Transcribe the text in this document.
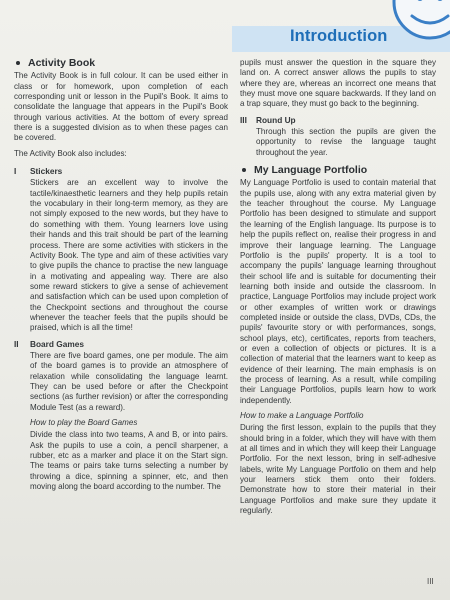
Introduction
Activity Book

The Activity Book is in full colour. It can be used either in class or for homework, upon completion of each corresponding unit or lesson in the Pupil's Book. It aims to consolidate the language that appears in the Pupil's Book through various activities. At the bottom of every spread there is a suggested division as to when these pages can be covered.

The Activity Book also includes:

I	Stickers

Stickers are an excellent way to involve the tactile/kinaesthetic learners and they help pupils retain the vocabulary in their long-term memory, as they are not simply exposed to the new words, but they have to do something with them. Young learners love using their hands and this trait should be part of the learning process. There are some activities with stickers in the Activity Book. The type and aim of these activities vary to give pupils the chance to practise the new language in a motivating and appealing way. There are also some reward stickers to give a sense of achievement and satisfaction which can be used upon completion of the Checkpoint sections and throughout the course whenever the teacher feels that the pupils should be praised, which is all the time!

II	Board Games

There are five board games, one per module. The aim of the board games is to provide an atmosphere of relaxation while consolidating the language learnt. They can be used before or after the Checkpoint sections (as further revision) or after the corresponding Module Test (as a reward).

How to play the Board Games

Divide the class into two teams, A and B, or into pairs. Ask the pupils to use a coin, a pencil sharpener, a rubber, etc as a marker and place it on the Start sign. The teams or pairs take turns selecting a number by throwing a dice, spinning a spinner, etc, and then moving along the board according to the number. The

pupils must answer the question in the square they land on. A correct answer allows the pupils to stay where they are, whereas an incorrect one means that they must move one square backwards. If they land on a trap square, they must go back to the beginning.

III	Round Up

Through this section the pupils are given the opportunity to revise the language taught throughout the year.

My Language Portfolio

My Language Portfolio is used to contain material that the pupils use, along with any extra material given by the teacher throughout the course. My Language Portfolio has been designed to stimulate and support the learning of the English language. Its purpose is to help the pupils reflect on, realise their progress in and improve their language learning. The Language Portfolio is the pupils' property. It is a tool to accompany the pupils' language learning throughout their school life and is suitable for documenting their learning both inside and outside the classroom. In practice, Language Portfolios may include project work or other examples of written work or drawings completed inside or outside the class, DVDs, CDs, the pupils' favourite story or with performances, songs, school plays, etc), certificates, reports from teachers, or even a collection of objects or pictures. It is a collection of material that the learners want to keep as evidence of their learning. The main emphasis is on the process of learning. As a result, while compiling their Language Portfolios, pupils learn how to work independently.

How to make a Language Portfolio

During the first lesson, explain to the pupils that they should bring in a folder, which they will have with them at all times and in which they will keep their Language Portfolio. For the next lesson, bring in self-adhesive labels, write My Language Portfolio on them and help your learners stick them onto their folders. Demonstrate how to store their material in their Language Portfolios and make sure they update it regularly.

III
